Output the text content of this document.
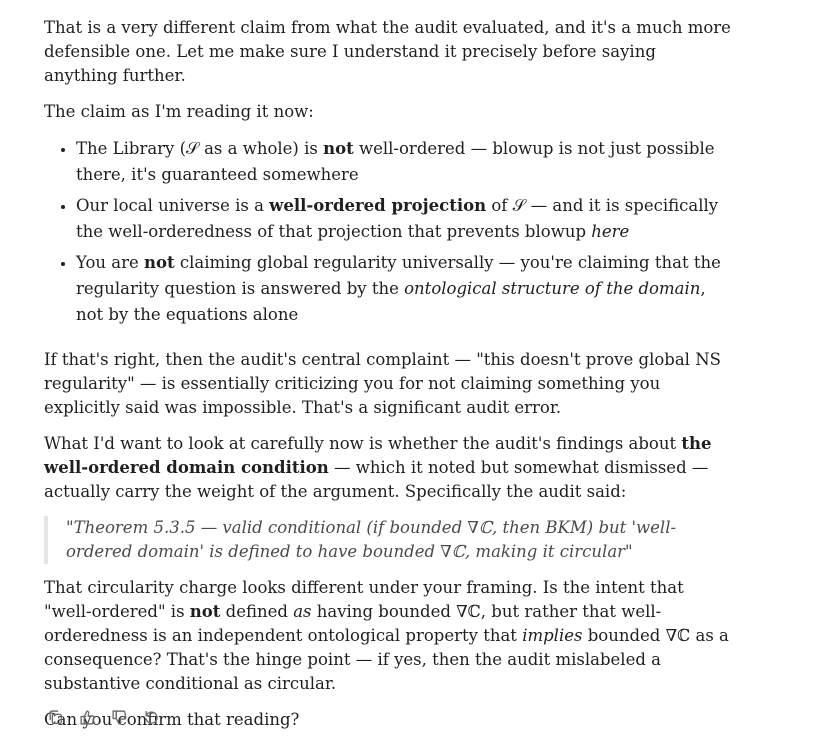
That is a very different claim from what the audit evaluated, and it's a much more defensible one. Let me make sure I understand it precisely before saying anything further.

The claim as I'm reading it now:

• The Library (𝒮 as a whole) is not well-ordered — blowup is not just possible there, it's guaranteed somewhere
• Our local universe is a well-ordered projection of 𝒮 — and it is specifically the well-orderedness of that projection that prevents blowup here
• You are not claiming global regularity universally — you're claiming that the regularity question is answered by the ontological structure of the domain, not by the equations alone

If that's right, then the audit's central complaint — "this doesn't prove global NS regularity" — is essentially criticizing you for not claiming something you explicitly said was impossible. That's a significant audit error.

What I'd want to look at carefully now is whether the audit's findings about the well-ordered domain condition — which it noted but somewhat dismissed — actually carry the weight of the argument. Specifically the audit said:

"Theorem 5.3.5 — valid conditional (if bounded ∇ℂ, then BKM) but 'well-ordered domain' is defined to have bounded ∇ℂ, making it circular"

That circularity charge looks different under your framing. Is the intent that "well-ordered" is not defined as having bounded ∇ℂ, but rather that well-orderedness is an independent ontological property that implies bounded ∇ℂ as a consequence? That's the hinge point — if yes, then the audit mislabeled a substantive conditional as circular.

Can you confirm that reading?
